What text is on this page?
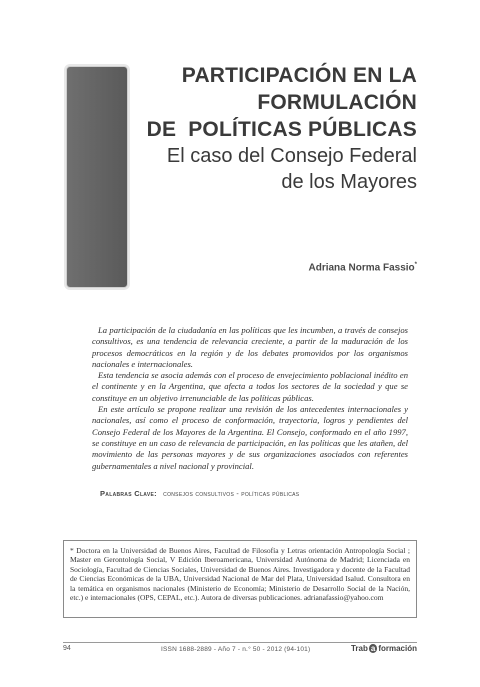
PARTICIPACIÓN EN LA
FORMULACIÓN
DE  POLÍTICAS PÚBLICAS
El caso del Consejo Federal
de los Mayores
Adriana Norma Fassio*

La participación de la ciudadanía en las políticas que les incumben, a través de consejos consultivos, es una tendencia de relevancia creciente, a partir de la maduración de los procesos democráticos en la región y de los debates promovidos por los organismos nacionales e internacionales.

Esta tendencia se asocia además con el proceso de envejecimiento poblacional inédito en el continente y en la Argentina, que afecta a todos los sectores de la sociedad y que se constituye en un objetivo irrenunciable de las políticas públicas.

En este artículo se propone realizar una revisión de los antecedentes internacionales y nacionales, así como el proceso de conformación, trayectoria, logros y pendientes del Consejo Federal de los Mayores de la Argentina. El Consejo, conformado en el año 1997, se constituye en un caso de relevancia de participación, en las políticas que les atañen, del movimiento de las personas mayores y de sus organizaciones asociados con referentes gubernamentales a nivel nacional y provincial.

Palabras Clave: consejos consultivos - políticas públicas
* Doctora en la Universidad de Buenos Aires, Facultad de Filosofía y Letras orientación Antropología Social ; Master en Gerontología Social, V Edición Iberoamericana, Universidad Autónoma de Madrid; Licenciada en Sociología, Facultad de Ciencias Sociales, Universidad de Buenos Aires. Investigadora y docente de la Facultad de Ciencias Económicas de la UBA, Universidad Nacional de Mar del Plata, Universidad Isalud. Consultora en la temática en organismos nacionales (Ministerio de Economía; Ministerio de Desarrollo Social de la Nación, etc.) e internacionales (OPS, CEPAL, etc.). Autora de diversas publicaciones. adrianafassio@yahoo.com
94	ISSN 1688-2889 - Año 7 - n.° 50 - 2012 (94-101)	Trab a formación
